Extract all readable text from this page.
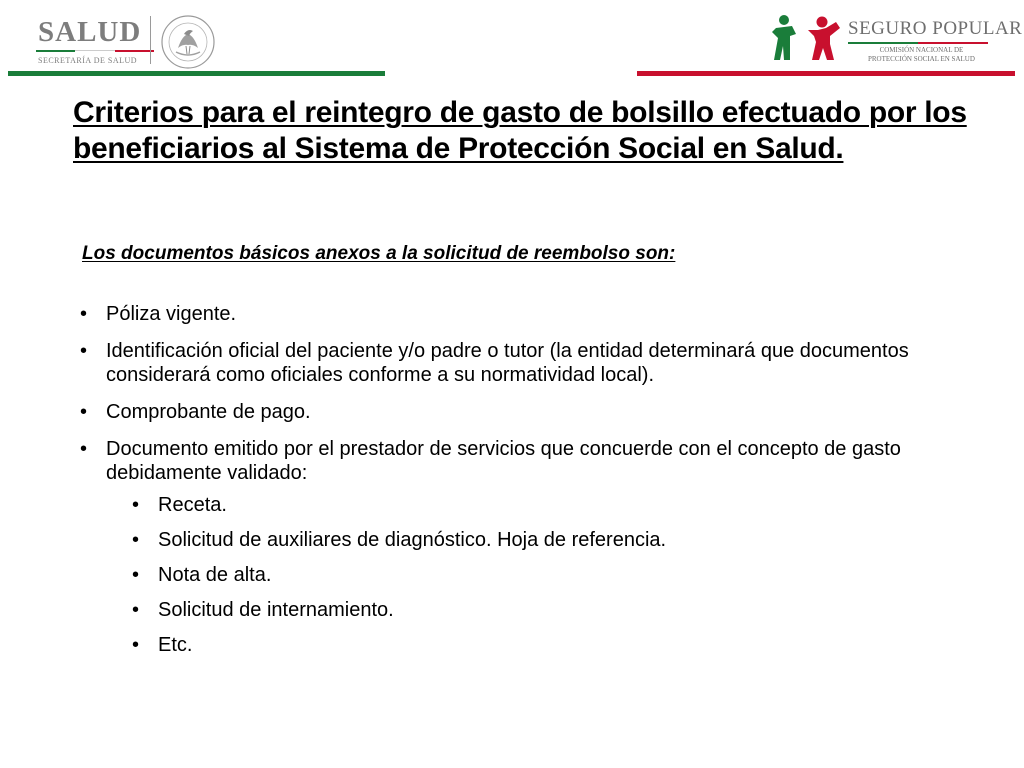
SALUD
SECRETARÍA DE SALUD
SEGURO POPULAR
COMISIÓN NACIONAL DE
PROTECCIÓN SOCIAL EN SALUD
Criterios para el reintegro de gasto de bolsillo efectuado por los beneficiarios al Sistema de Protección Social en Salud.

Los documentos básicos anexos a la solicitud de reembolso son:

• Póliza vigente.
• Identificación oficial del paciente y/o padre o tutor (la entidad determinará que documentos considerará como oficiales conforme a su normatividad local).
• Comprobante de pago.
• Documento emitido por el prestador de servicios que concuerde con el concepto de gasto debidamente validado:
• Receta.
• Solicitud de auxiliares de diagnóstico. Hoja de referencia.
• Nota de alta.
• Solicitud de internamiento.
• Etc.
